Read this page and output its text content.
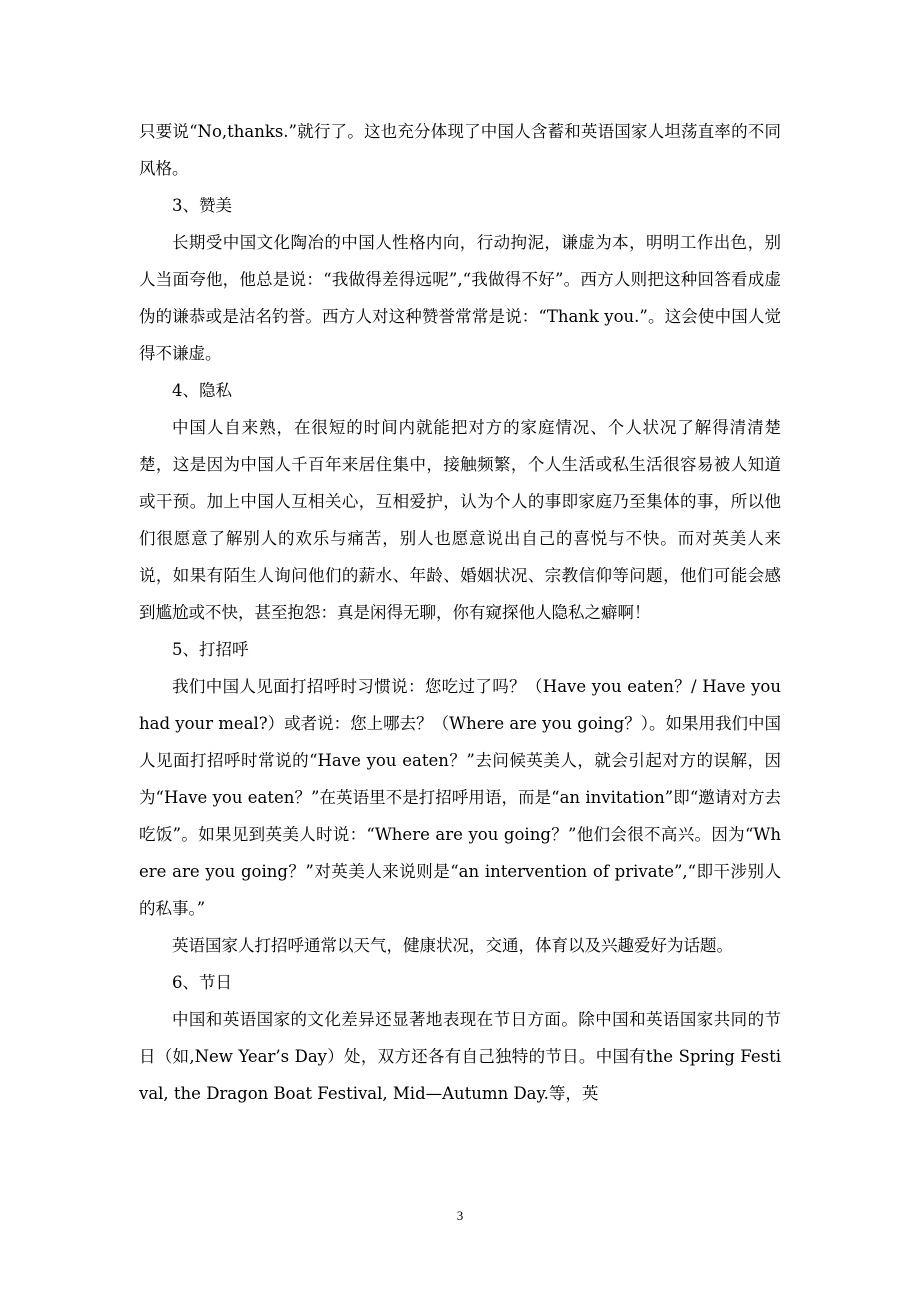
只要说“No,thanks.”就行了。这也充分体现了中国人含蓄和英语国家人坦荡直率的不同风格。

3、赞美

长期受中国文化陶冶的中国人性格内向，行动拘泥，谦虚为本，明明工作出色，别人当面夸他，他总是说：“我做得差得远呢”,“我做得不好”。西方人则把这种回答看成虚伪的谦恭或是沽名钓誉。西方人对这种赞誉常常是说：“Thank you.”。这会使中国人觉得不谦虚。

4、隐私

中国人自来熟，在很短的时间内就能把对方的家庭情况、个人状况了解得清清楚楚，这是因为中国人千百年来居住集中，接触频繁，个人生活或私生活很容易被人知道或干预。加上中国人互相关心，互相爱护，认为个人的事即家庭乃至集体的事，所以他们很愿意了解别人的欢乐与痛苦，别人也愿意说出自己的喜悦与不快。而对英美人来说，如果有陌生人询问他们的薪水、年龄、婚姻状况、宗教信仰等问题，他们可能会感到尴尬或不快，甚至抱怨：真是闲得无聊，你有窥探他人隐私之癖啊！

5、打招呼

我们中国人见面打招呼时习惯说：您吃过了吗？（Have you eaten？/ Have you had your meal?）或者说：您上哪去？（Where are you going？）。如果用我们中国人见面打招呼时常说的“Have you eaten？”去问候英美人，就会引起对方的误解，因为“Have you eaten？”在英语里不是打招呼用语，而是“an invitation”即“邀请对方去吃饭”。如果见到英美人时说：“Where are you going？”他们会很不高兴。因为“Where are you going？”对英美人来说则是“an intervention of private”,“即干涉别人的私事。”

英语国家人打招呼通常以天气，健康状况，交通，体育以及兴趣爱好为话题。

6、节日

中国和英语国家的文化差异还显著地表现在节日方面。除中国和英语国家共同的节日（如,New Year’s Day）处，双方还各有自己独特的节日。中国有the Spring Festival, the Dragon Boat Festival, Mid—Autumn Day.等，英

3
